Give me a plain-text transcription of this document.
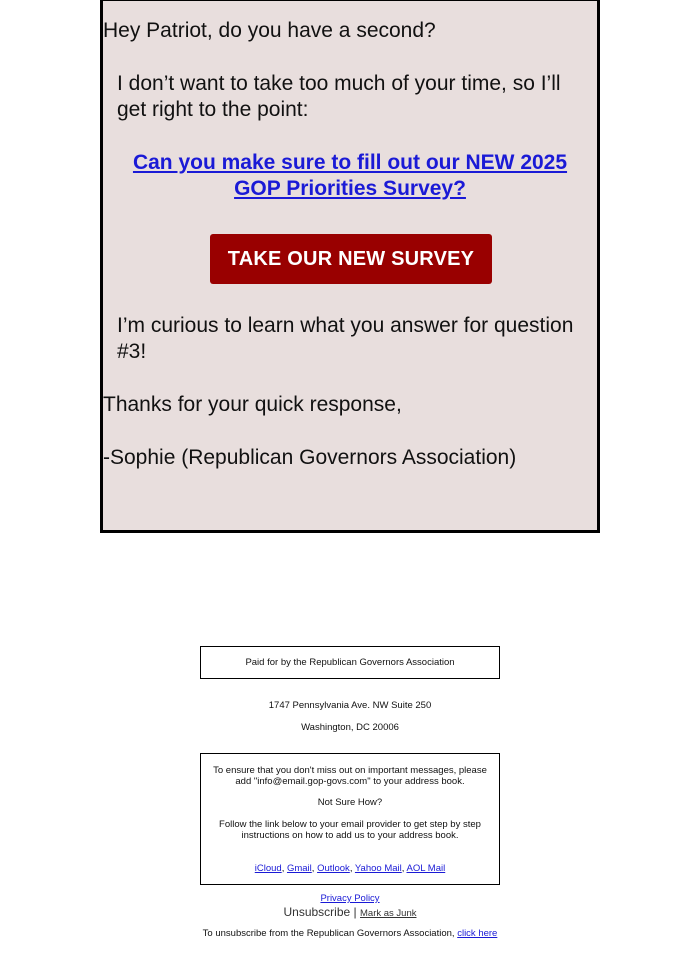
Hey Patriot, do you have a second?

I don’t want to take too much of your time, so I’ll get right to the point:

Can you make sure to fill out our NEW 2025 GOP Priorities Survey?
TAKE OUR NEW SURVEY

I’m curious to learn what you answer for question #3!

Thanks for your quick response,

-Sophie (Republican Governors Association)

Paid for by the Republican Governors Association
1747 Pennsylvania Ave. NW Suite 250
Washington, DC 20006
To ensure that you don't miss out on important messages, please add "info@email.gop-govs.com" to your address book.
Not Sure How?
Follow the link below to your email provider to get step by step instructions on how to add us to your address book.
iCloud, Gmail, Outlook, Yahoo Mail, AOL Mail
Privacy Policy
Unsubscribe | Mark as Junk
To unsubscribe from the Republican Governors Association, click here
